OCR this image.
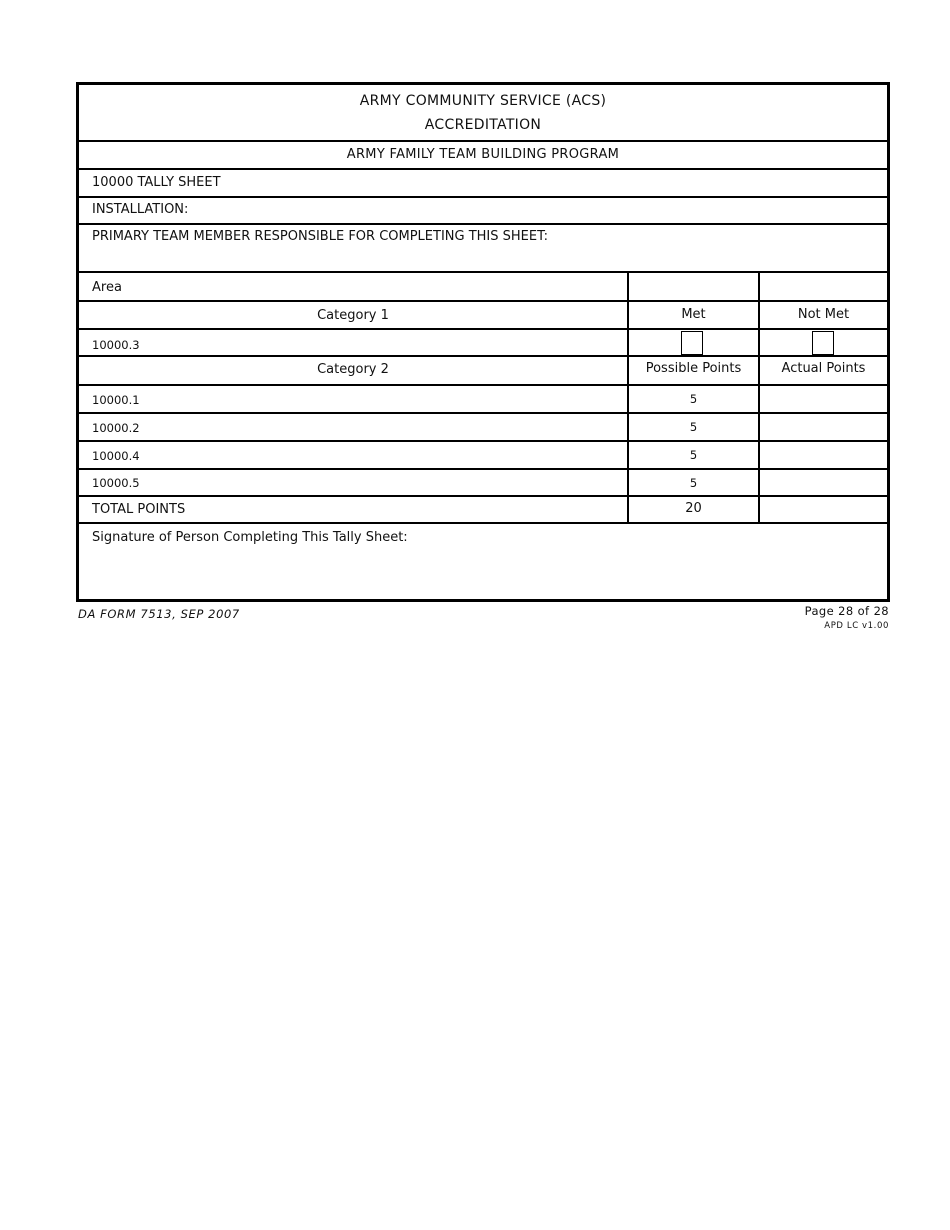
ARMY COMMUNITY SERVICE (ACS)
ACCREDITATION
ARMY FAMILY TEAM BUILDING PROGRAM
10000 TALLY SHEET
INSTALLATION:
PRIMARY TEAM MEMBER RESPONSIBLE FOR COMPLETING THIS SHEET:
Area
Category 1	Met	Not Met
10000.3
Category 2	Possible Points	Actual Points
10000.1	5
10000.2	5
10000.4	5
10000.5	5
TOTAL POINTS	20
Signature of Person Completing This Tally Sheet:
DA FORM 7513, SEP 2007	Page 28 of 28
APD LC v1.00
